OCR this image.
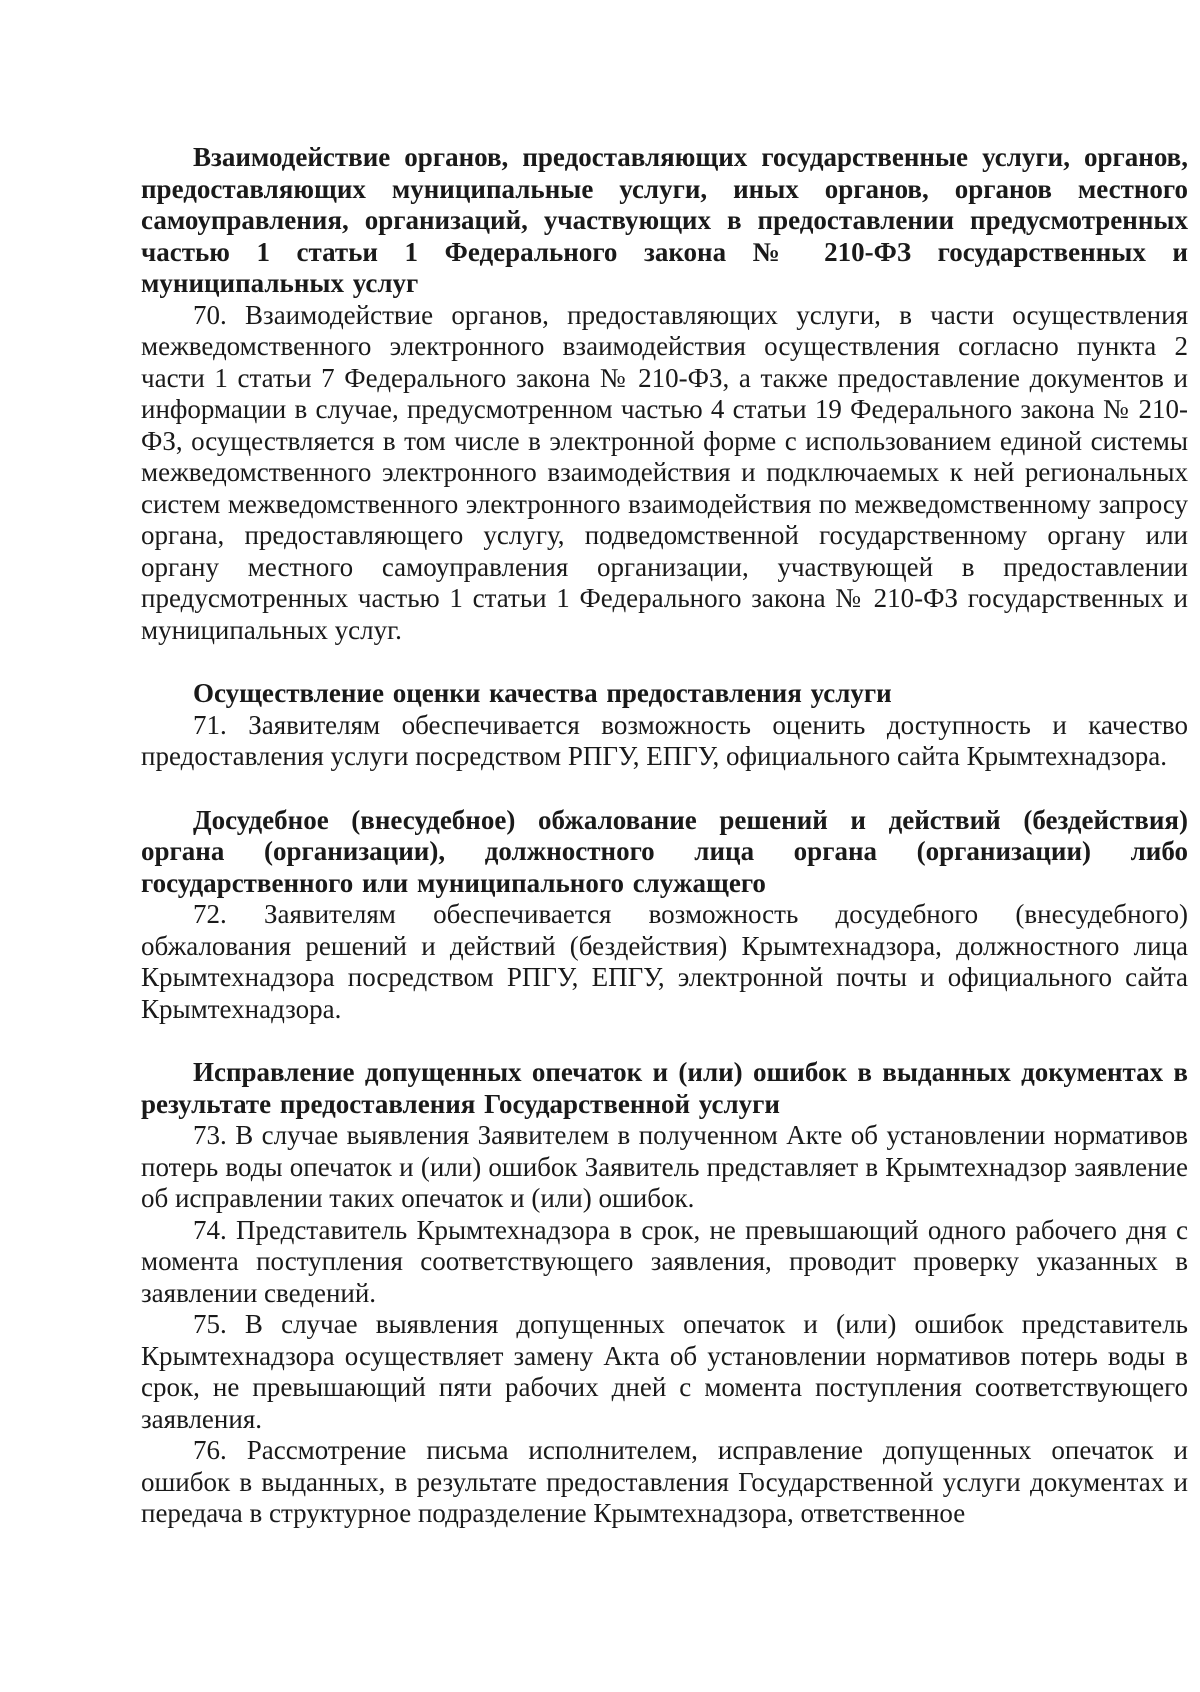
Взаимодействие органов, предоставляющих государственные услуги, органов, предоставляющих муниципальные услуги, иных органов, органов местного самоуправления, организаций, участвующих в предоставлении предусмотренных частью 1 статьи 1 Федерального закона № 210-ФЗ государственных и муниципальных услуг

70. Взаимодействие органов, предоставляющих услуги, в части осуществления межведомственного электронного взаимодействия осуществления согласно пункта 2 части 1 статьи 7 Федерального закона № 210-ФЗ, а также предоставление документов и информации в случае, предусмотренном частью 4 статьи 19 Федерального закона № 210-ФЗ, осуществляется в том числе в электронной форме с использованием единой системы межведомственного электронного взаимодействия и подключаемых к ней региональных систем межведомственного электронного взаимодействия по межведомственному запросу органа, предоставляющего услугу, подведомственной государственному органу или органу местного самоуправления организации, участвующей в предоставлении предусмотренных частью 1 статьи 1 Федерального закона № 210-ФЗ государственных и муниципальных услуг.

Осуществление оценки качества предоставления услуги

71. Заявителям обеспечивается возможность оценить доступность и качество предоставления услуги посредством РПГУ, ЕПГУ, официального сайта Крымтехнадзора.

Досудебное (внесудебное) обжалование решений и действий (бездействия) органа (организации), должностного лица органа (организации) либо государственного или муниципального служащего

72. Заявителям обеспечивается возможность досудебного (внесудебного) обжалования решений и действий (бездействия) Крымтехнадзора, должностного лица Крымтехнадзора посредством РПГУ, ЕПГУ, электронной почты и официального сайта Крымтехнадзора.

Исправление допущенных опечаток и (или) ошибок в выданных документах в результате предоставления Государственной услуги

73. В случае выявления Заявителем в полученном Акте об установлении нормативов потерь воды опечаток и (или) ошибок Заявитель представляет в Крымтехнадзор заявление об исправлении таких опечаток и (или) ошибок.

74. Представитель Крымтехнадзора в срок, не превышающий одного рабочего дня с момента поступления соответствующего заявления, проводит проверку указанных в заявлении сведений.

75. В случае выявления допущенных опечаток и (или) ошибок представитель Крымтехнадзора осуществляет замену Акта об установлении нормативов потерь воды в срок, не превышающий пяти рабочих дней с момента поступления соответствующего заявления.

76. Рассмотрение письма исполнителем, исправление допущенных опечаток и ошибок в выданных, в результате предоставления Государственной услуги документах и передача в структурное подразделение Крымтехнадзора, ответственное
